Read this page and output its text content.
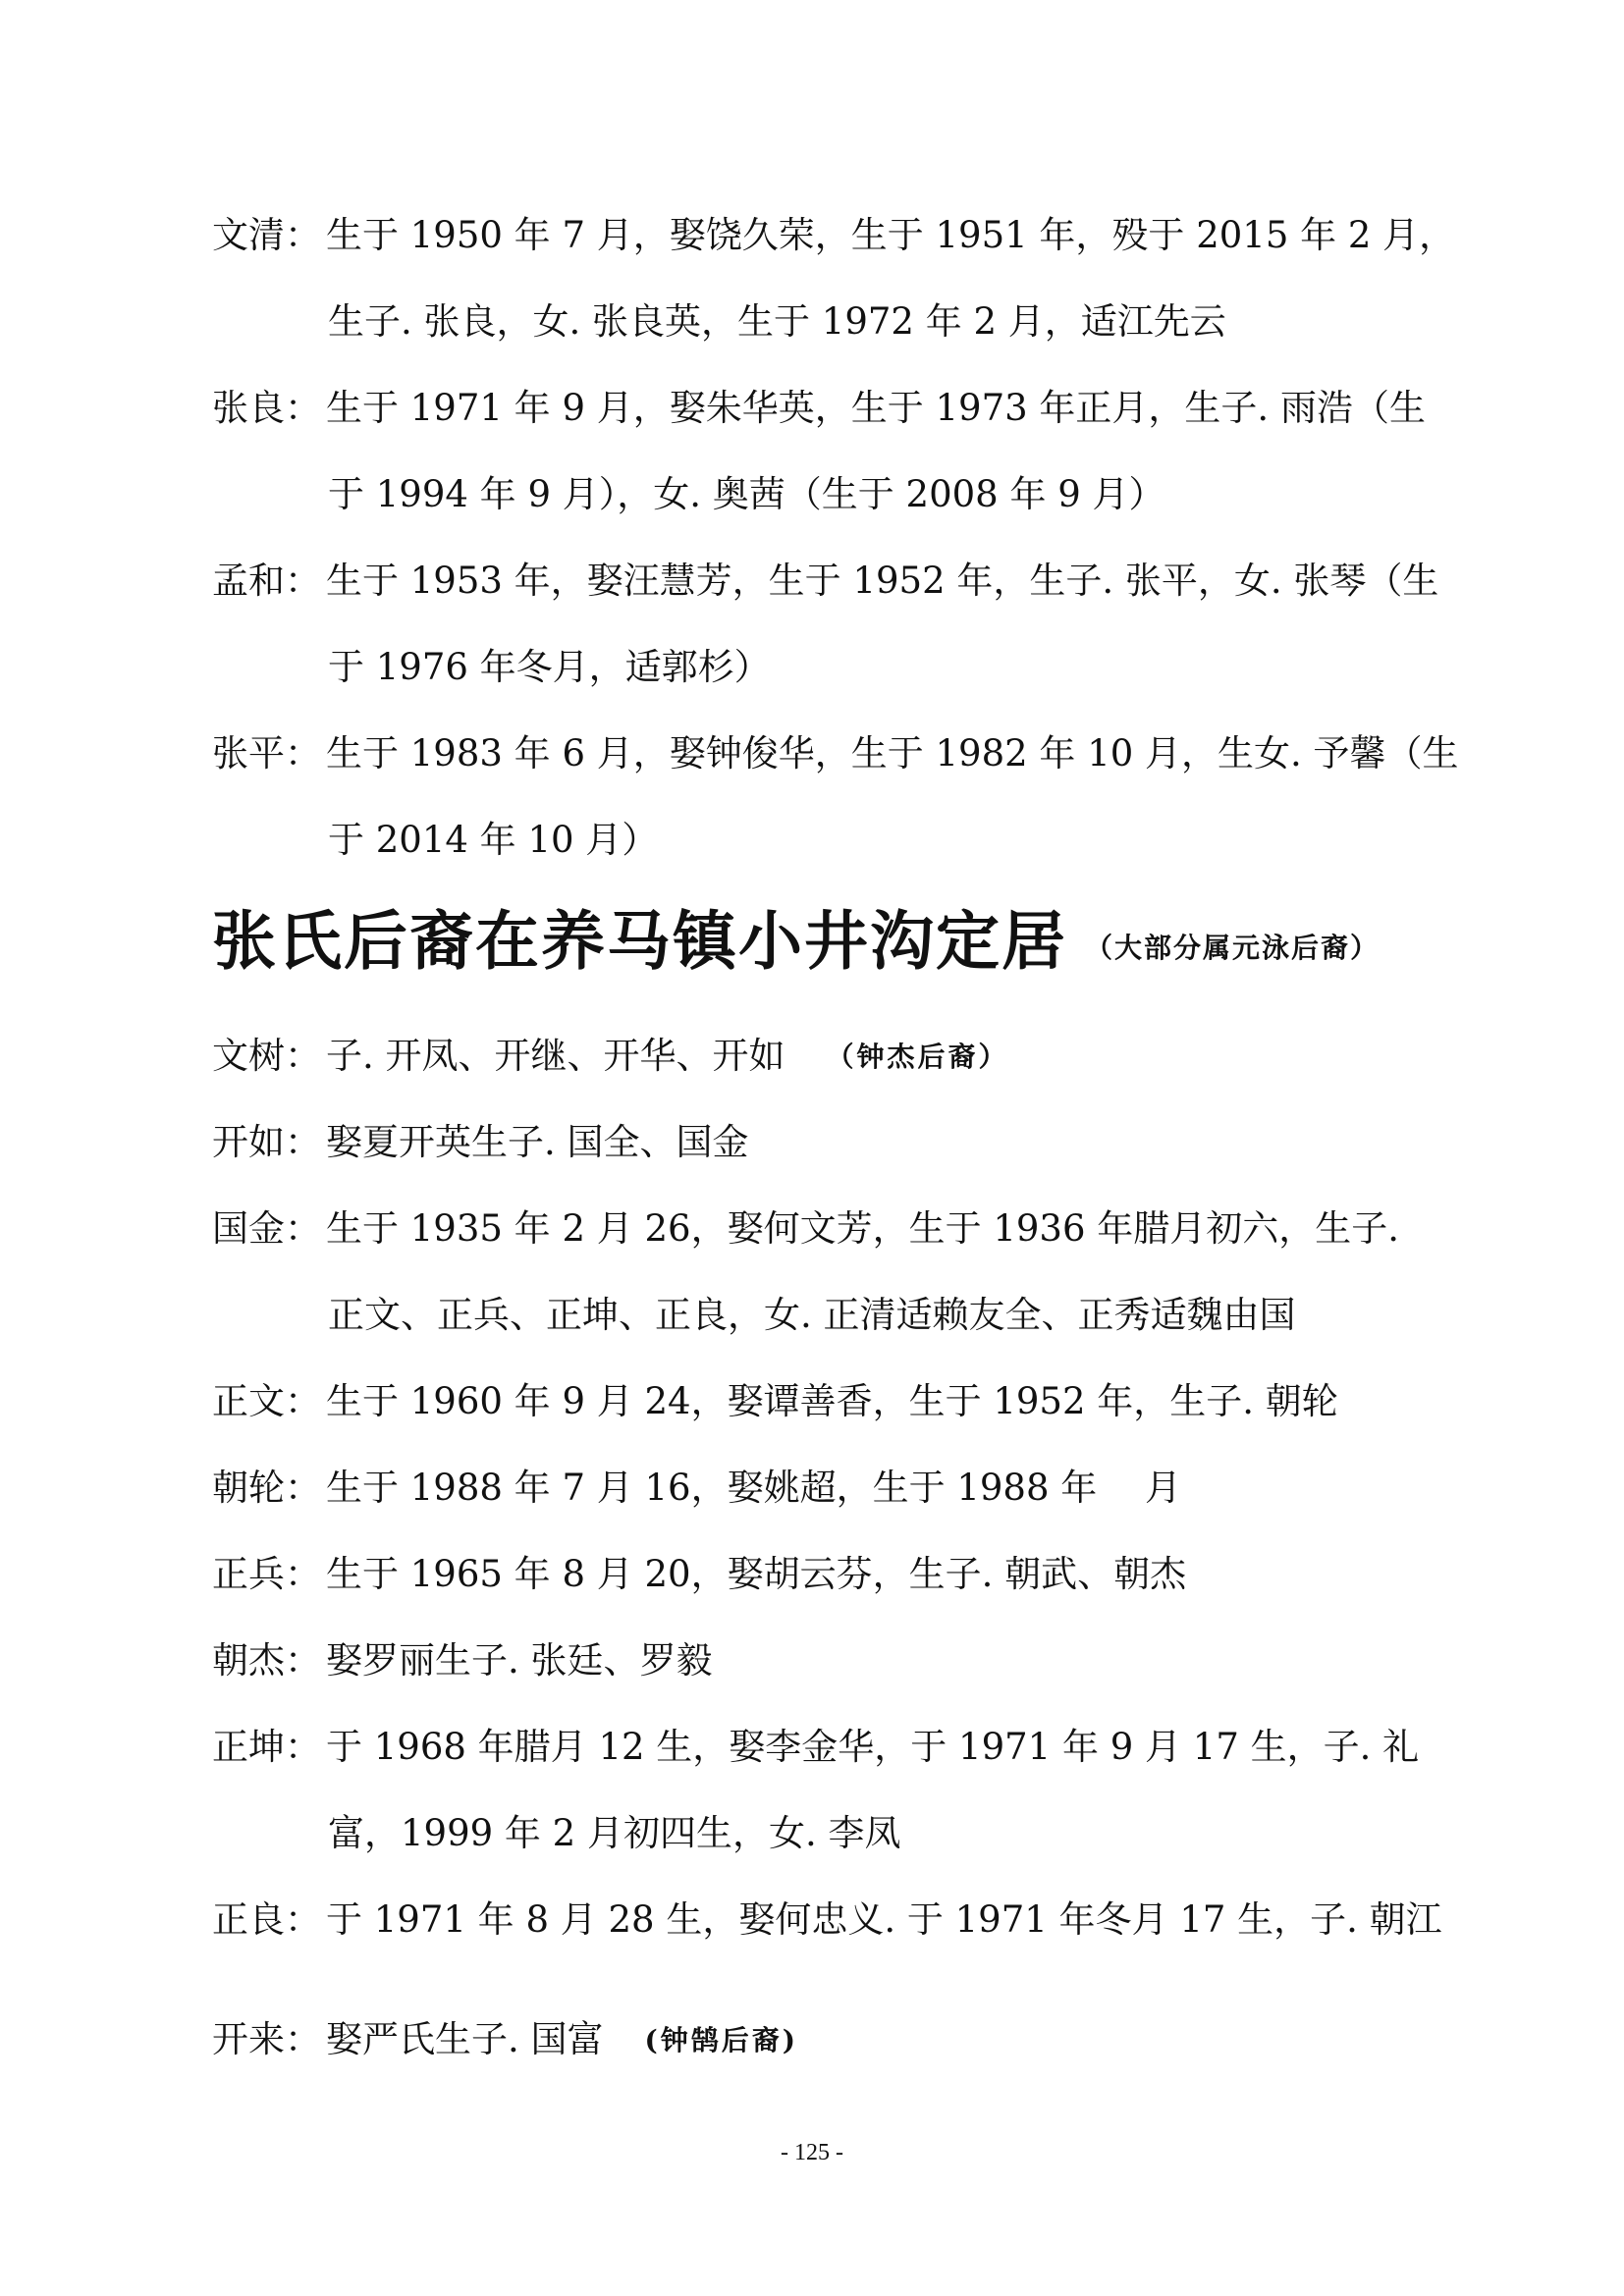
文清： 生于 1950 年 7 月，娶饶久荣，生于 1951 年，殁于 2015 年 2 月，
生子. 张良，女. 张良英，生于 1972 年 2 月，适江先云
张良： 生于 1971 年 9 月，娶朱华英，生于 1973 年正月，生子. 雨浩（生
于 1994 年 9 月），女. 奥茜（生于 2008 年 9 月）
孟和： 生于 1953 年，娶汪慧芳，生于 1952 年，生子. 张平，女. 张琴（生
于 1976 年冬月，适郭杉）
张平： 生于 1983 年 6 月，娶钟俊华，生于 1982 年 10 月，生女. 予馨（生
于 2014 年 10 月）
张氏后裔在养马镇小井沟定居 （大部分属元泳后裔）
文树： 子. 开凤、开继、开华、开如 （钟杰后裔）
开如： 娶夏开英生子. 国全、国金
国金： 生于 1935 年 2 月 26，娶何文芳，生于 1936 年腊月初六，生子.
正文、正兵、正坤、正良，女. 正清适赖友全、正秀适魏由国
正文： 生于 1960 年 9 月 24，娶谭善香，生于 1952 年，生子. 朝轮
朝轮： 生于 1988 年 7 月 16，娶姚超，生于 1988 年　 月
正兵： 生于 1965 年 8 月 20，娶胡云芬，生子. 朝武、朝杰
朝杰： 娶罗丽生子. 张廷、罗毅
正坤： 于 1968 年腊月 12 生，娶李金华，于 1971 年 9 月 17 生，子. 礼
富，1999 年 2 月初四生，女. 李凤
正良： 于 1971 年 8 月 28 生，娶何忠义. 于 1971 年冬月 17 生，子. 朝江
开来： 娶严氏生子. 国富 (钟鹄后裔)
- 125 -
